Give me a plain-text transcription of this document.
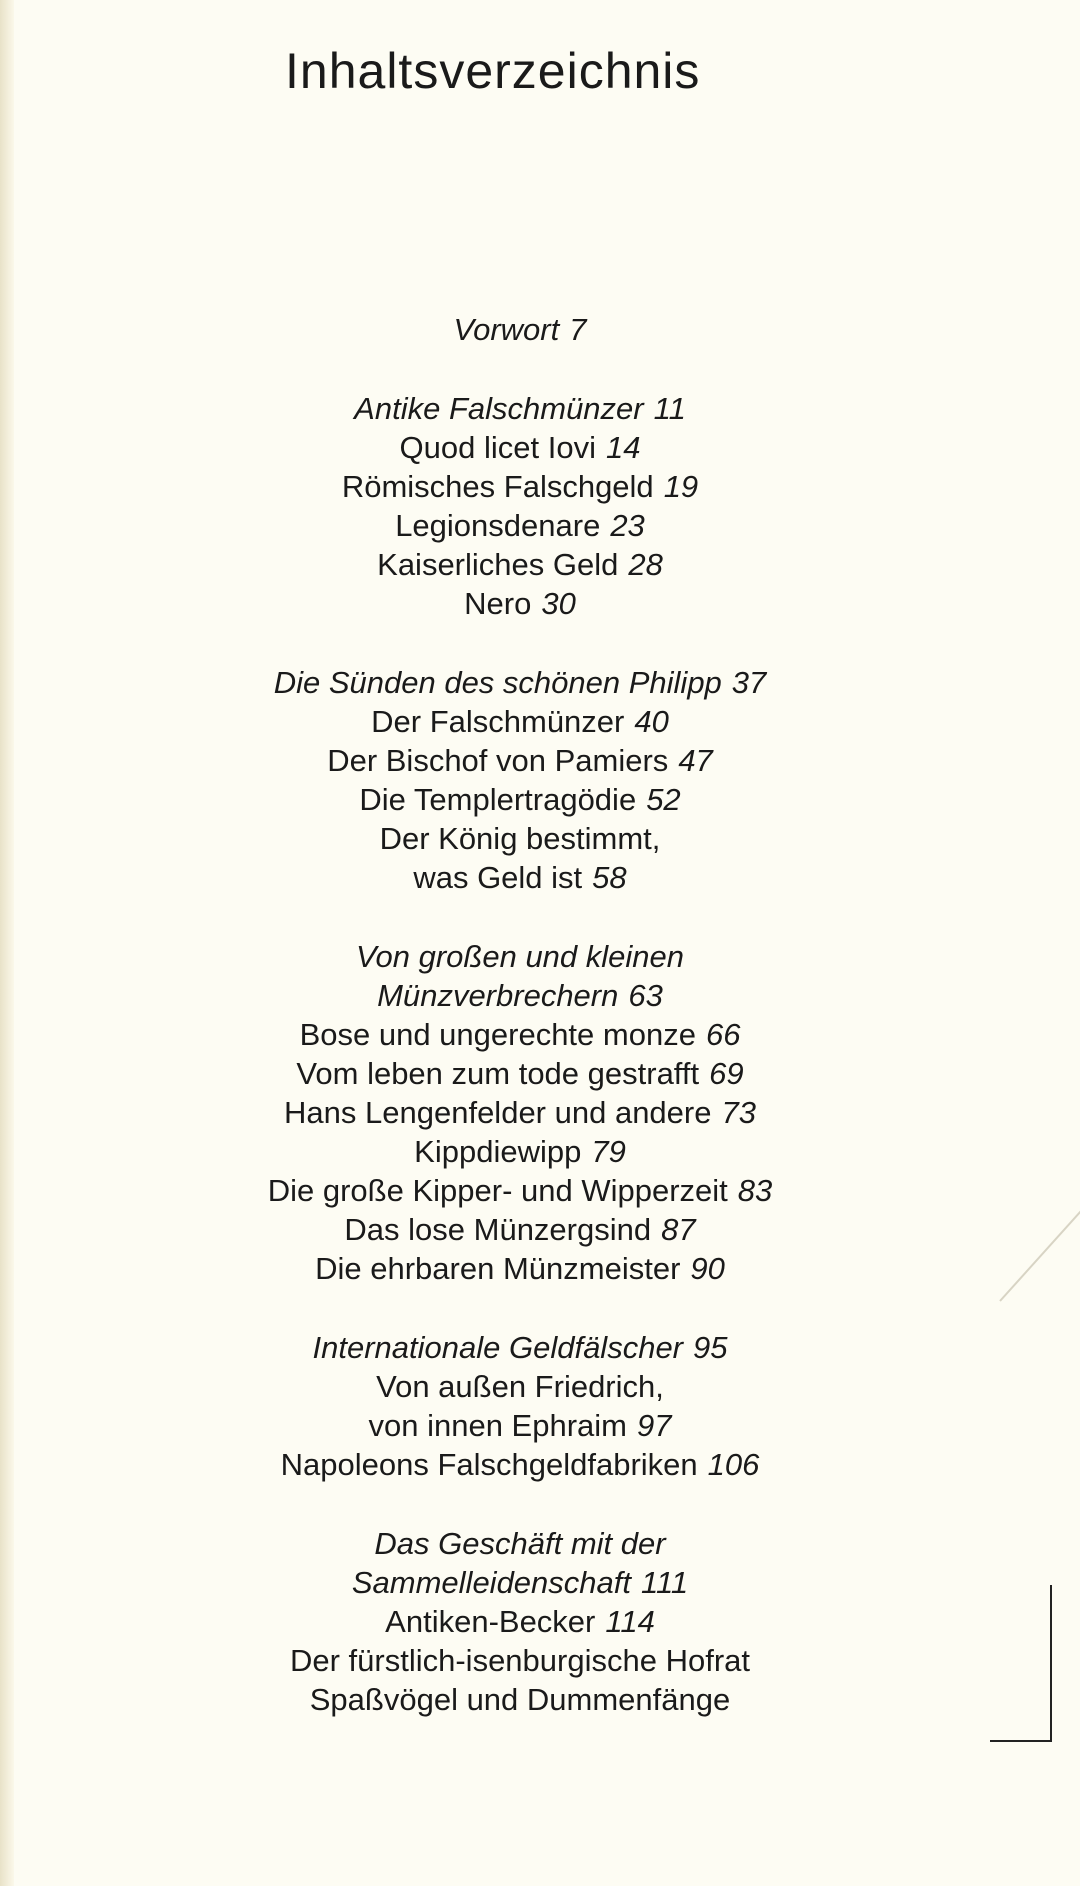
Inhaltsverzeichnis
Vorwort 7
Antike Falschmünzer 11
Quod licet Iovi 14
Römisches Falschgeld 19
Legionsdenare 23
Kaiserliches Geld 28
Nero 30
Die Sünden des schönen Philipp 37
Der Falschmünzer 40
Der Bischof von Pamiers 47
Die Templertragödie 52
Der König bestimmt,
was Geld ist 58
Von großen und kleinen
Münzverbrechern 63
Bose und ungerechte monze 66
Vom leben zum tode gestrafft 69
Hans Lengenfelder und andere 73
Kippdiewipp 79
Die große Kipper- und Wipperzeit 83
Das lose Münzergsind 87
Die ehrbaren Münzmeister 90
Internationale Geldfälscher 95
Von außen Friedrich,
von innen Ephraim 97
Napoleons Falschgeldfabriken 106
Das Geschäft mit der
Sammelleidenschaft 111
Antiken-Becker 114
Der fürstlich-isenburgische Hofrat
Spaßvögel und Dummenfänge
